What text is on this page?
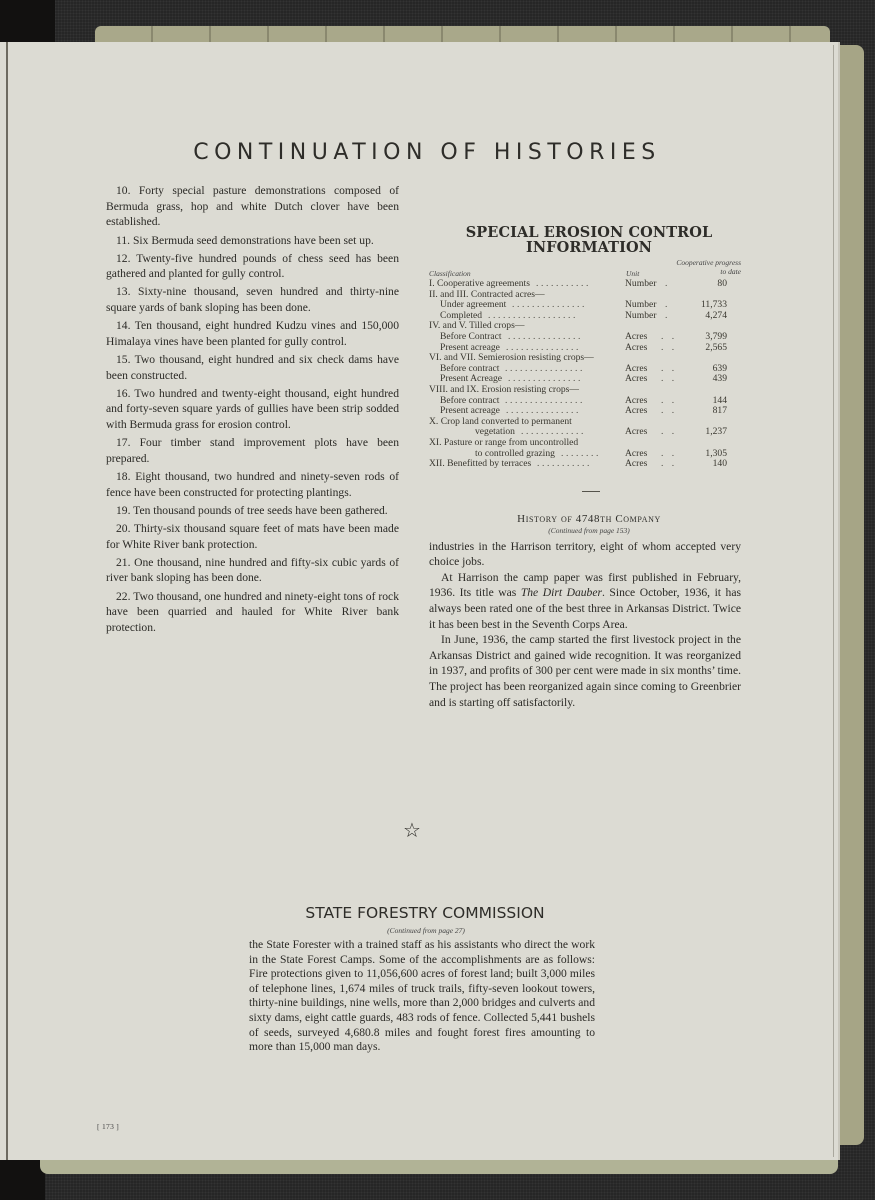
CONTINUATION OF HISTORIES

10. Forty special pasture demonstrations composed of Bermuda grass, hop and white Dutch clover have been established.

11. Six Bermuda seed demonstrations have been set up.

12. Twenty-five hundred pounds of chess seed has been gathered and planted for gully control.

13. Sixty-nine thousand, seven hundred and thirty-nine square yards of bank sloping has been done.

14. Ten thousand, eight hundred Kudzu vines and 150,000 Himalaya vines have been planted for gully control.

15. Two thousand, eight hundred and six check dams have been constructed.

16. Two hundred and twenty-eight thousand, eight hundred and forty-seven square yards of gullies have been strip sodded with Bermuda grass for erosion control.

17. Four timber stand improvement plots have been prepared.

18. Eight thousand, two hundred and ninety-seven rods of fence have been constructed for protecting plantings.

19. Ten thousand pounds of tree seeds have been gathered.

20. Thirty-six thousand square feet of mats have been made for White River bank protection.

21. One thousand, nine hundred and fifty-six cubic yards of river bank sloping has been done.

22. Two thousand, one hundred and ninety-eight tons of rock have been quarried and hauled for White River bank protection.

SPECIAL EROSION CONTROL
INFORMATION
Classification	Unit
Cooperative progress
to date
I. Cooperative agreements ...........	Number .	80
II. and III. Contracted acres—
Under agreement ...............	Number .	11,733
Completed ..................	Number .	4,274
IV. and V. Tilled crops—
Before Contract ...............	Acres . .	3,799
Present acreage ...............	Acres . .	2,565
VI. and VII. Semierosion resisting crops—
Before contract ................	Acres . .	639
Present Acreage ...............	Acres . .	439
VIII. and IX. Erosion resisting crops—
Before contract ................	Acres . .	144
Present acreage ...............	Acres . .	817
X. Crop land converted to permanent
vegetation .............	Acres . .	1,237
XI. Pasture or range from uncontrolled
to controlled grazing ........	Acres . .	1,305
XII. Benefitted by terraces ...........	Acres . .	140
History of 4748th Company
(Continued from page 153)

industries in the Harrison territory, eight of whom accepted very choice jobs.

At Harrison the camp paper was first published in February, 1936. Its title was The Dirt Dauber. Since October, 1936, it has always been rated one of the best three in Arkansas District. Twice it has been best in the Seventh Corps Area.

In June, 1936, the camp started the first livestock project in the Arkansas District and gained wide recognition. It was reorganized in 1937, and profits of 300 per cent were made in six months’ time. The project has been reorganized again since coming to Greenbrier and is starting off satisfactorily.

☆
STATE FORESTRY COMMISSION
(Continued from page 27)
the State Forester with a trained staff as his assistants who direct the work in the State Forest Camps. Some of the accomplishments are as follows: Fire protections given to 11,056,600 acres of forest land; built 3,000 miles of telephone lines, 1,674 miles of truck trails, fifty-seven lookout towers, thirty-nine buildings, nine wells, more than 2,000 bridges and culverts and sixty dams, eight cattle guards, 483 rods of fence. Collected 5,441 bushels of seeds, surveyed 4,680.8 miles and fought forest fires amounting to more than 15,000 man days.
[ 173 ]
